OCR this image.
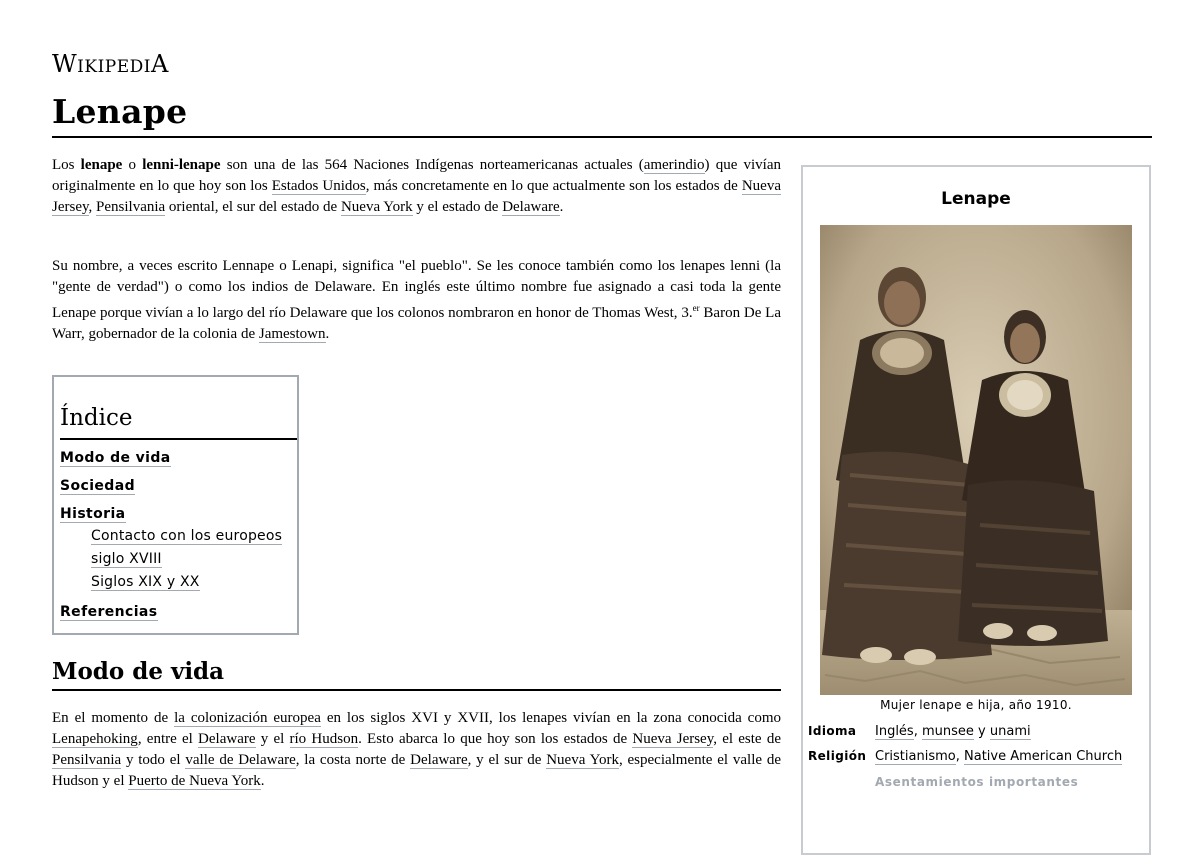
WIKIPEDIA
Lenape

Los lenape o lenni-lenape son una de las 564 Naciones Indígenas norteamericanas actuales (amerindio) que vivían originalmente en lo que hoy son los Estados Unidos, más concretamente en lo que actualmente son los estados de Nueva Jersey, Pensilvania oriental, el sur del estado de Nueva York y el estado de Delaware.

Su nombre, a veces escrito Lennape o Lenapi, significa "el pueblo". Se les conoce también como los lenapes lenni (la "gente de verdad") o como los indios de Delaware. En inglés este último nombre fue asignado a casi toda la gente Lenape porque vivían a lo largo del río Delaware que los colonos nombraron en honor de Thomas West, 3.$^{er}$ Baron De La Warr, gobernador de la colonia de Jamestown.

Índice
Modo de vida
Sociedad
Historia
Contacto con los europeos
siglo XVIII
Siglos XIX y XX
Referencias
Modo de vida

En el momento de la colonización europea en los siglos XVI y XVII, los lenapes vivían en la zona conocida como Lenapehoking, entre el Delaware y el río Hudson. Esto abarca lo que hoy son los estados de Nueva Jersey, el este de Pensilvania y todo el valle de Delaware, la costa norte de Delaware, y el sur de Nueva York, especialmente el valle de Hudson y el Puerto de Nueva York.

Lenape
Mujer lenape e hija, año 1910.
Idioma Inglés, munsee y unami
Religión Cristianismo, Native American Church
Asentamientos importantes
